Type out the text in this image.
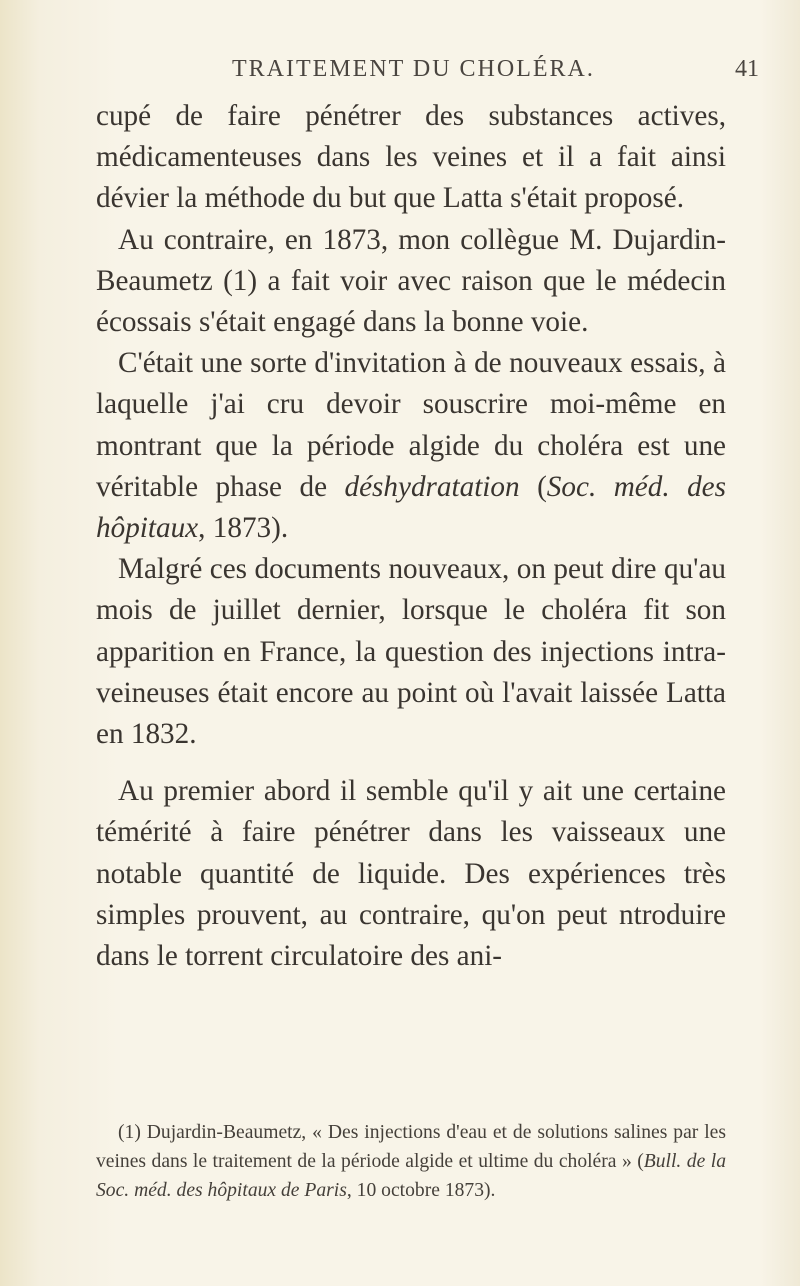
TRAITEMENT DU CHOLÉRA.	41

cupé de faire pénétrer des substances actives, médicamenteuses dans les veines et il a fait ainsi dévier la méthode du but que Latta s'était proposé.

Au contraire, en 1873, mon collègue M. Dujardin-Beaumetz (1) a fait voir avec raison que le médecin écossais s'était engagé dans la bonne voie.

C'était une sorte d'invitation à de nouveaux essais, à laquelle j'ai cru devoir souscrire moi-même en montrant que la période algide du choléra est une véritable phase de déshydratation (Soc. méd. des hôpitaux, 1873).

Malgré ces documents nouveaux, on peut dire qu'au mois de juillet dernier, lorsque le choléra fit son apparition en France, la question des injections intra-veineuses était encore au point où l'avait laissée Latta en 1832.

Au premier abord il semble qu'il y ait une certaine témérité à faire pénétrer dans les vaisseaux une notable quantité de liquide. Des expériences très simples prouvent, au contraire, qu'on peut ntroduire dans le torrent circulatoire des ani-

(1) Dujardin-Beaumetz, « Des injections d'eau et de solutions salines par les veines dans le traitement de la période algide et ultime du choléra » (Bull. de la Soc. méd. des hôpitaux de Paris, 10 octobre 1873).
